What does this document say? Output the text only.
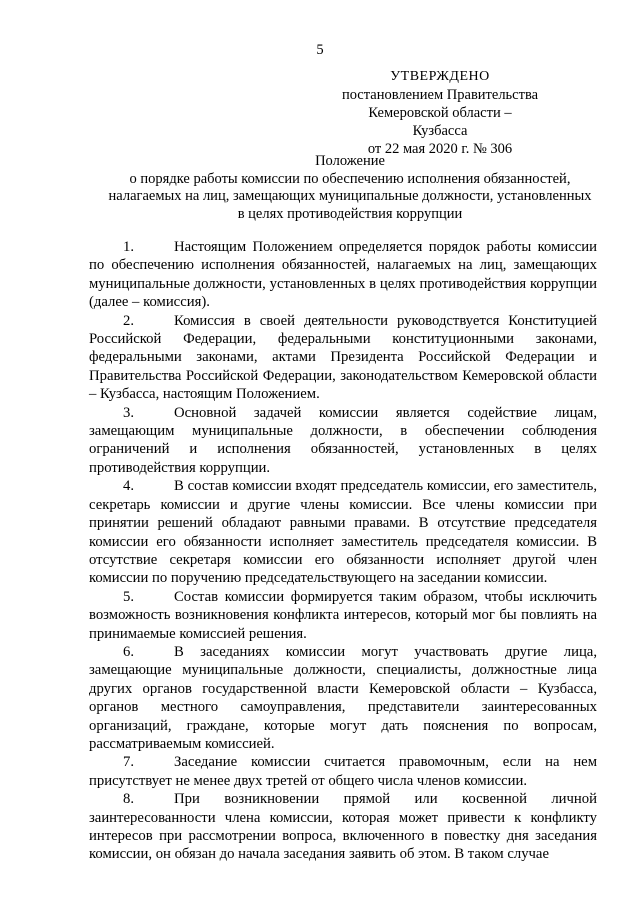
5
УТВЕРЖДЕНО
постановлением Правительства
Кемеровской области – Кузбасса
от 22 мая 2020 г. № 306
Положение
о порядке работы комиссии по обеспечению исполнения обязанностей,
налагаемых на лиц, замещающих муниципальные должности, установленных
в целях противодействия коррупции

1.	Настоящим Положением определяется порядок работы комиссии по обеспечению исполнения обязанностей, налагаемых на лиц, замещающих муниципальные должности, установленных в целях противодействия коррупции (далее – комиссия).

2.	Комиссия в своей деятельности руководствуется Конституцией Российской Федерации, федеральными конституционными законами, федеральными законами, актами Президента Российской Федерации и Правительства Российской Федерации, законодательством Кемеровской области – Кузбасса, настоящим Положением.

3.	Основной задачей комиссии является содействие лицам, замещающим муниципальные должности, в обеспечении соблюдения ограничений и исполнения обязанностей, установленных в целях противодействия коррупции.

4.	В состав комиссии входят председатель комиссии, его заместитель, секретарь комиссии и другие члены комиссии. Все члены комиссии при принятии решений обладают равными правами. В отсутствие председателя комиссии его обязанности исполняет заместитель председателя комиссии. В отсутствие секретаря комиссии его обязанности исполняет другой член комиссии по поручению председательствующего на заседании комиссии.

5.	Состав комиссии формируется таким образом, чтобы исключить возможность возникновения конфликта интересов, который мог бы повлиять на принимаемые комиссией решения.

6.	В заседаниях комиссии могут участвовать другие лица, замещающие муниципальные должности, специалисты, должностные лица других органов государственной власти Кемеровской области – Кузбасса, органов местного самоуправления, представители заинтересованных организаций, граждане, которые могут дать пояснения по вопросам, рассматриваемым комиссией.

7.	Заседание комиссии считается правомочным, если на нем присутствует не менее двух третей от общего числа членов комиссии.

8.	При возникновении прямой или косвенной личной заинтересованности члена комиссии, которая может привести к конфликту интересов при рассмотрении вопроса, включенного в повестку дня заседания комиссии, он обязан до начала заседания заявить об этом. В таком случае
